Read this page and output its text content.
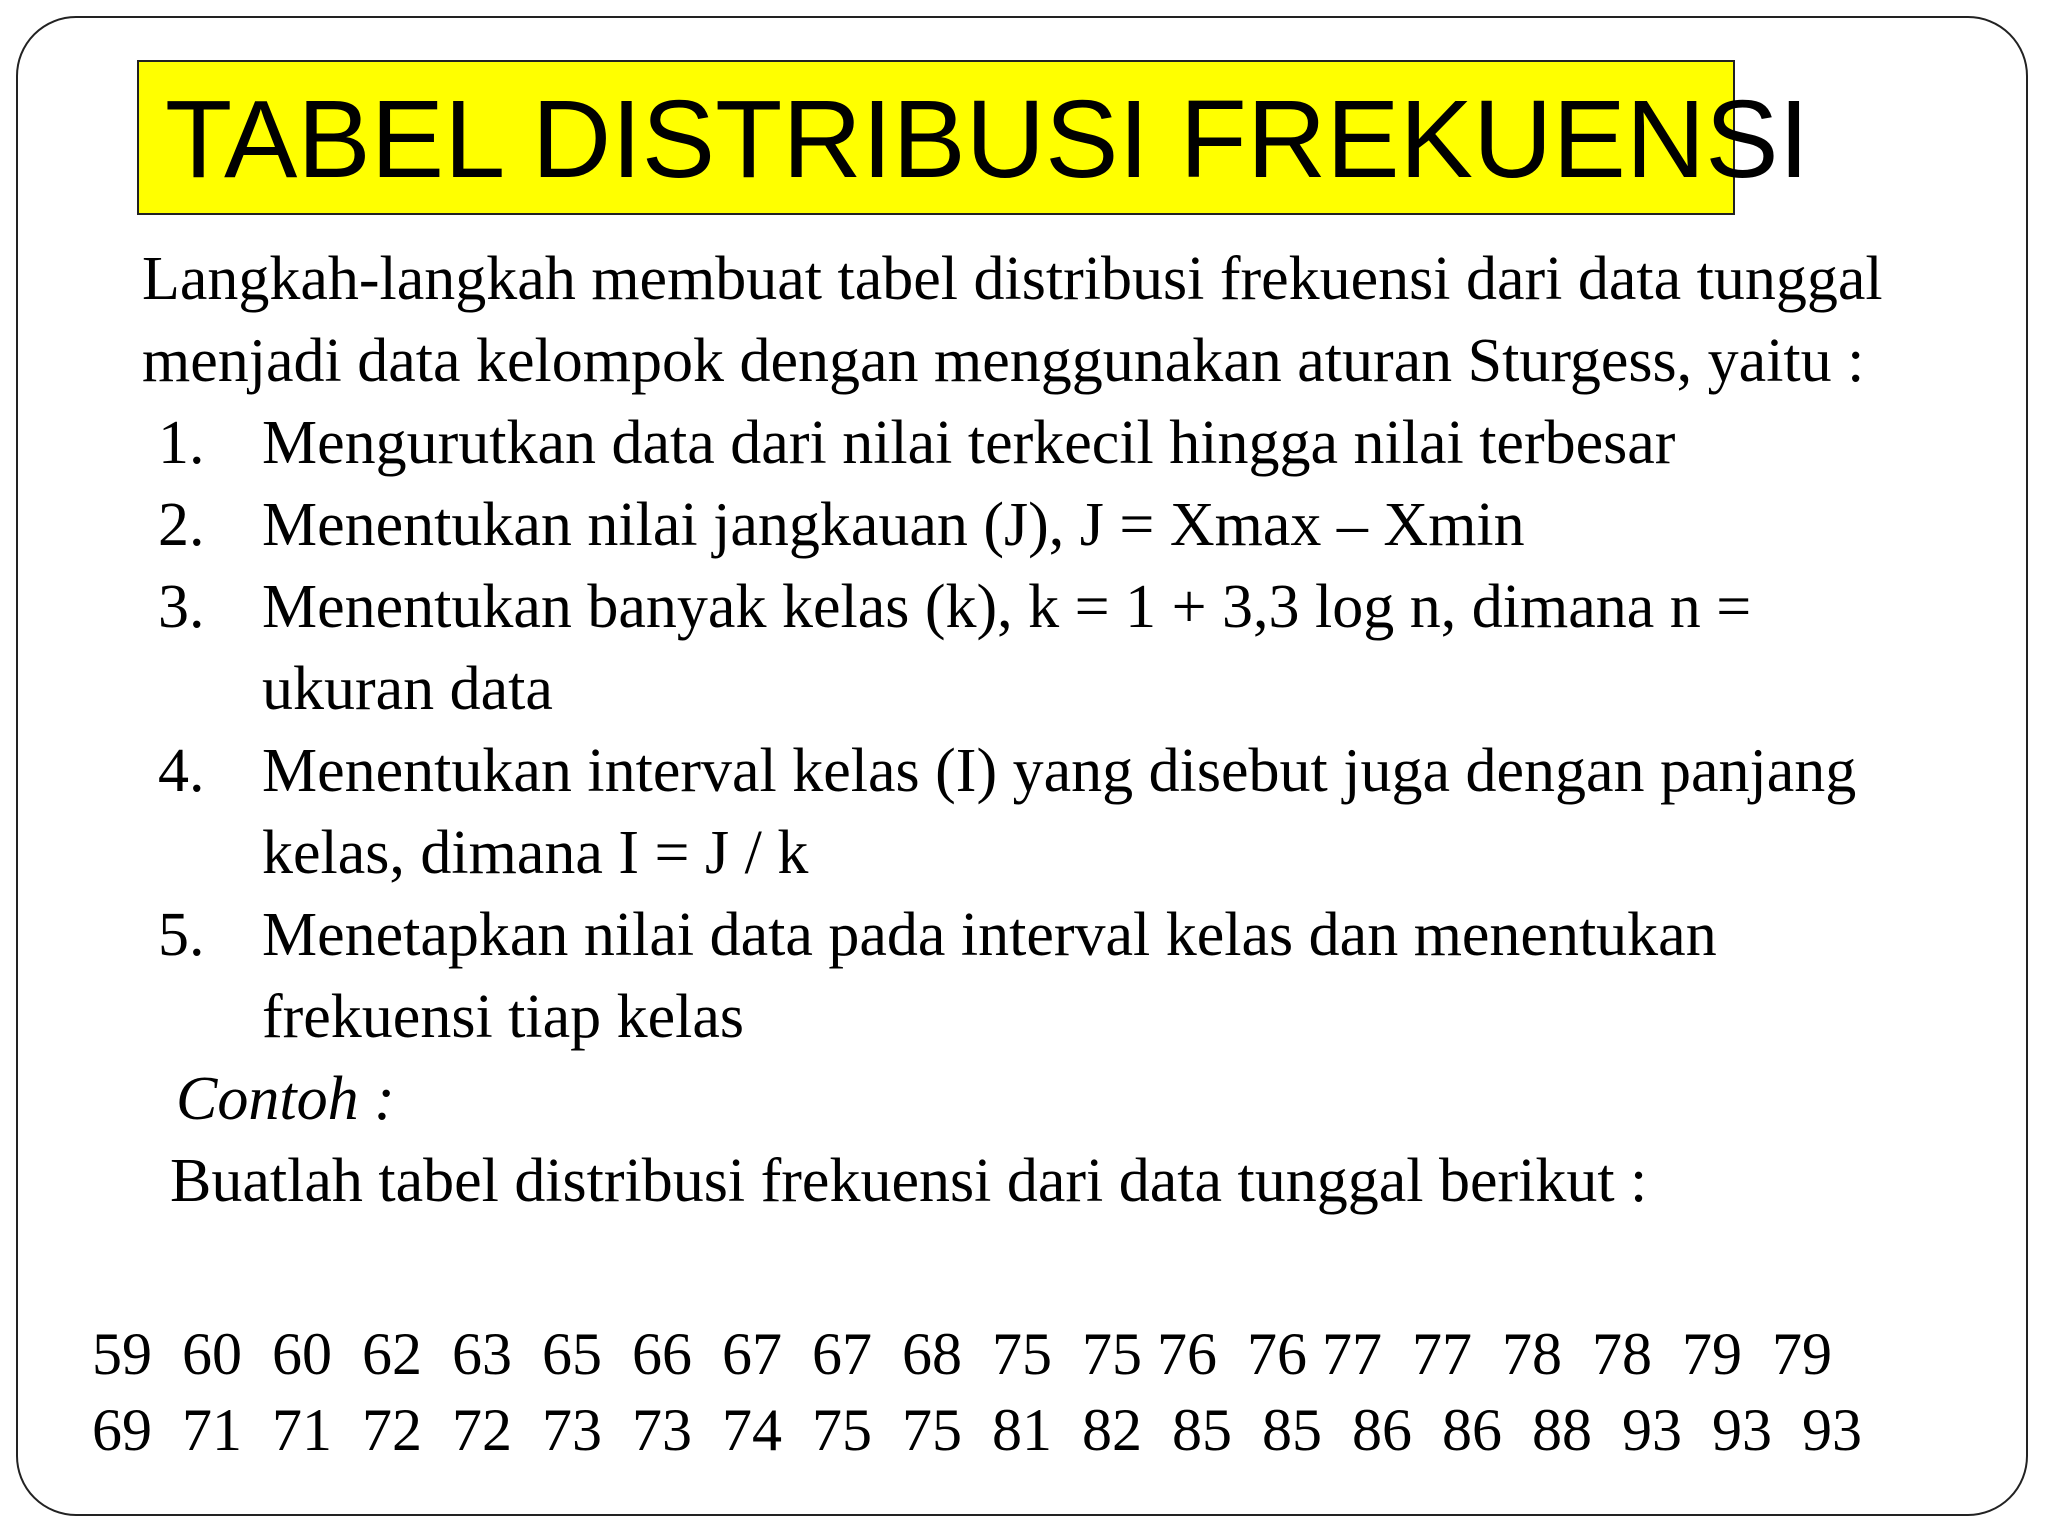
TABEL DISTRIBUSI FREKUENSI

Langkah-langkah membuat tabel distribusi frekuensi dari data tunggal menjadi data kelompok dengan menggunakan aturan Sturgess, yaitu :

1. Mengurutkan data dari nilai terkecil hingga nilai terbesar
2. Menentukan nilai jangkauan (J), J = Xmax – Xmin
3. Menentukan banyak kelas (k), k = 1 + 3,3 log n, dimana n = ukuran data
4. Menentukan interval kelas (I) yang disebut juga dengan panjang kelas, dimana I = J / k
5. Menetapkan nilai data pada interval kelas dan menentukan frekuensi tiap kelas
Contoh :
Buatlah tabel distribusi frekuensi dari data tunggal berikut :
59  60  60  62  63  65  66  67  67  68  75  75 76  76 77  77  78  78  79  79
69  71  71  72  72  73  73  74  75  75  81  82  85  85  86  86  88  93  93  93
